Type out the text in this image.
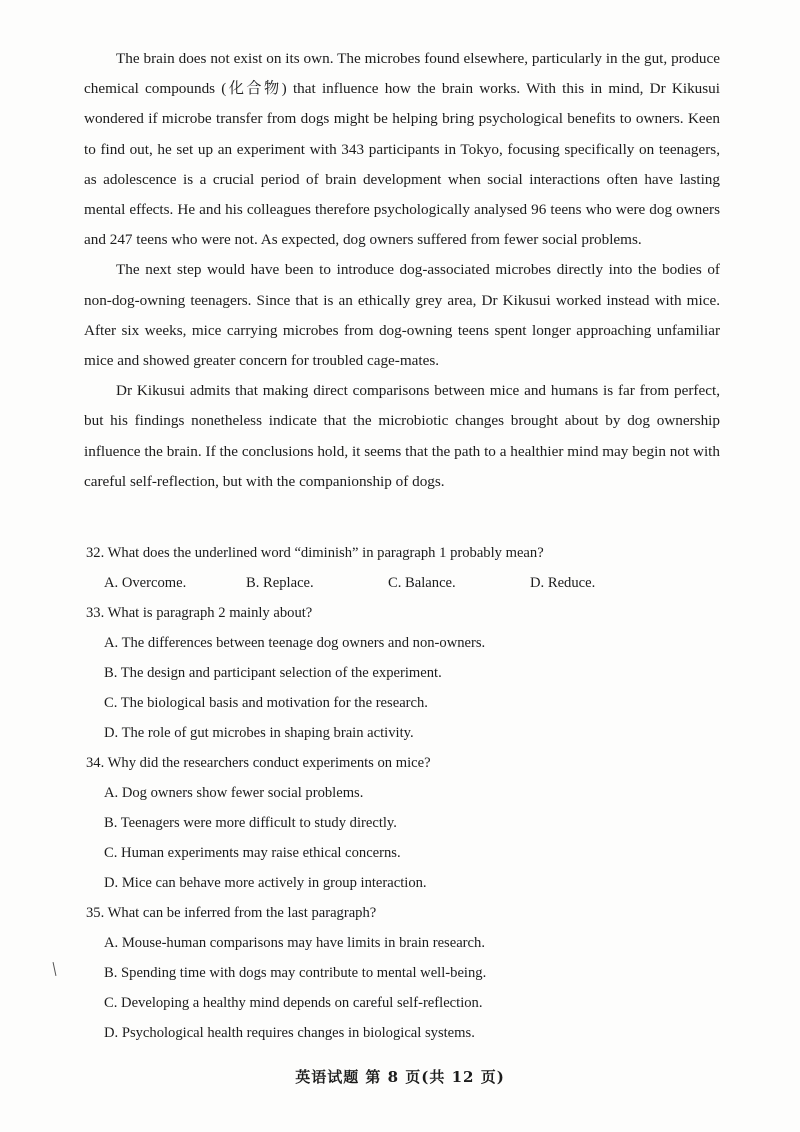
The brain does not exist on its own. The microbes found elsewhere, particularly in the gut, produce chemical compounds (化合物) that influence how the brain works. With this in mind, Dr Kikusui wondered if microbe transfer from dogs might be helping bring psychological benefits to owners. Keen to find out, he set up an experiment with 343 participants in Tokyo, focusing specifically on teenagers, as adolescence is a crucial period of brain development when social interactions often have lasting mental effects. He and his colleagues therefore psychologically analysed 96 teens who were dog owners and 247 teens who were not. As expected, dog owners suffered from fewer social problems.

The next step would have been to introduce dog-associated microbes directly into the bodies of non-dog-owning teenagers. Since that is an ethically grey area, Dr Kikusui worked instead with mice. After six weeks, mice carrying microbes from dog-owning teens spent longer approaching unfamiliar mice and showed greater concern for troubled cage-mates.

Dr Kikusui admits that making direct comparisons between mice and humans is far from perfect, but his findings nonetheless indicate that the microbiotic changes brought about by dog ownership influence the brain. If the conclusions hold, it seems that the path to a healthier mind may begin not with careful self-reflection, but with the companionship of dogs.

32. What does the underlined word “diminish” in paragraph 1 probably mean?

A. Overcome.	B. Replace.	C. Balance.	D. Reduce.

33. What is paragraph 2 mainly about?

A. The differences between teenage dog owners and non-owners.

B. The design and participant selection of the experiment.

C. The biological basis and motivation for the research.

D. The role of gut microbes in shaping brain activity.

34. Why did the researchers conduct experiments on mice?

A. Dog owners show fewer social problems.

B. Teenagers were more difficult to study directly.

C. Human experiments may raise ethical concerns.

D. Mice can behave more actively in group interaction.

35. What can be inferred from the last paragraph?

A. Mouse-human comparisons may have limits in brain research.

B. Spending time with dogs may contribute to mental well-being.

C. Developing a healthy mind depends on careful self-reflection.

D. Psychological health requires changes in biological systems.

英语试题 第 8 页(共 12 页)
